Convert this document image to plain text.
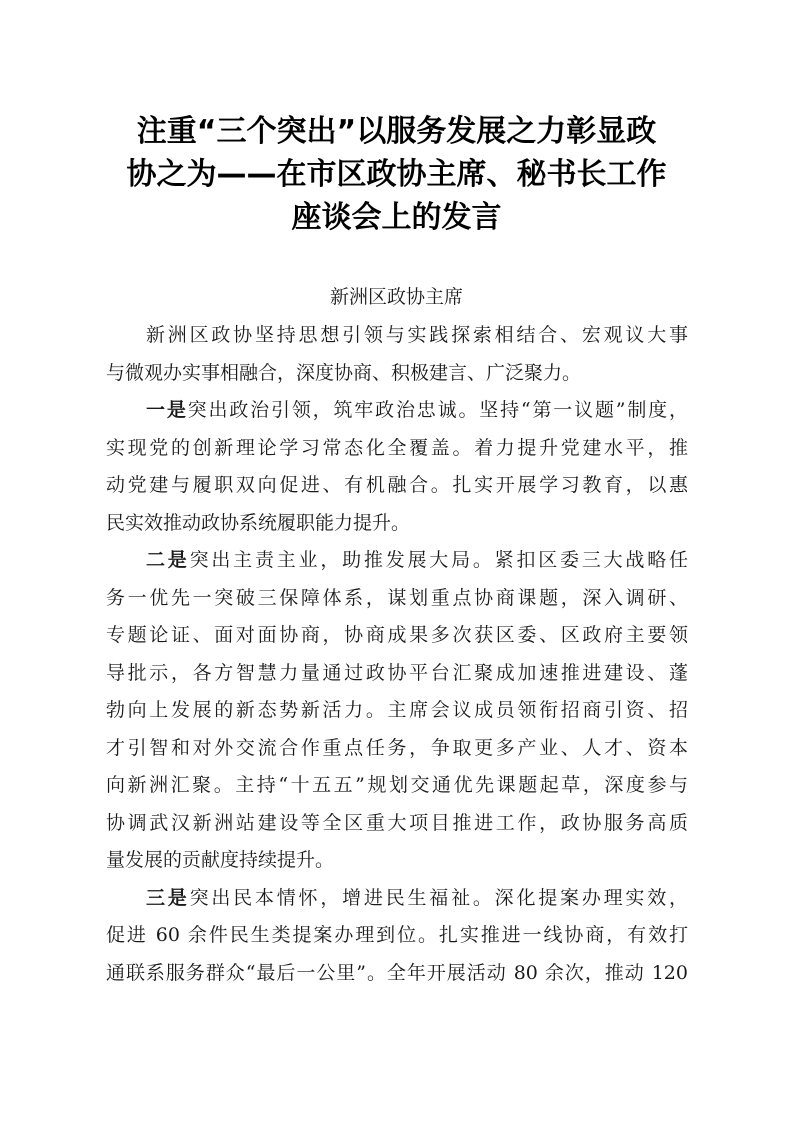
注重“三个突出”以服务发展之力彰显政
协之为——在市区政协主席、秘书长工作
座谈会上的发言
新洲区政协主席
新洲区政协坚持思想引领与实践探索相结合、宏观议大事
与微观办实事相融合，深度协商、积极建言、广泛聚力。
一是突出政治引领，筑牢政治忠诚。坚持“第一议题”制度，
实现党的创新理论学习常态化全覆盖。着力提升党建水平，推
动党建与履职双向促进、有机融合。扎实开展学习教育，以惠
民实效推动政协系统履职能力提升。
二是突出主责主业，助推发展大局。紧扣区委三大战略任
务一优先一突破三保障体系，谋划重点协商课题，深入调研、
专题论证、面对面协商，协商成果多次获区委、区政府主要领
导批示，各方智慧力量通过政协平台汇聚成加速推进建设、蓬
勃向上发展的新态势新活力。主席会议成员领衔招商引资、招
才引智和对外交流合作重点任务，争取更多产业、人才、资本
向新洲汇聚。主持“十五五”规划交通优先课题起草，深度参与
协调武汉新洲站建设等全区重大项目推进工作，政协服务高质
量发展的贡献度持续提升。
三是突出民本情怀，增进民生福祉。深化提案办理实效，
促进 60 余件民生类提案办理到位。扎实推进一线协商，有效打
通联系服务群众“最后一公里”。全年开展活动 80 余次，推动 120
